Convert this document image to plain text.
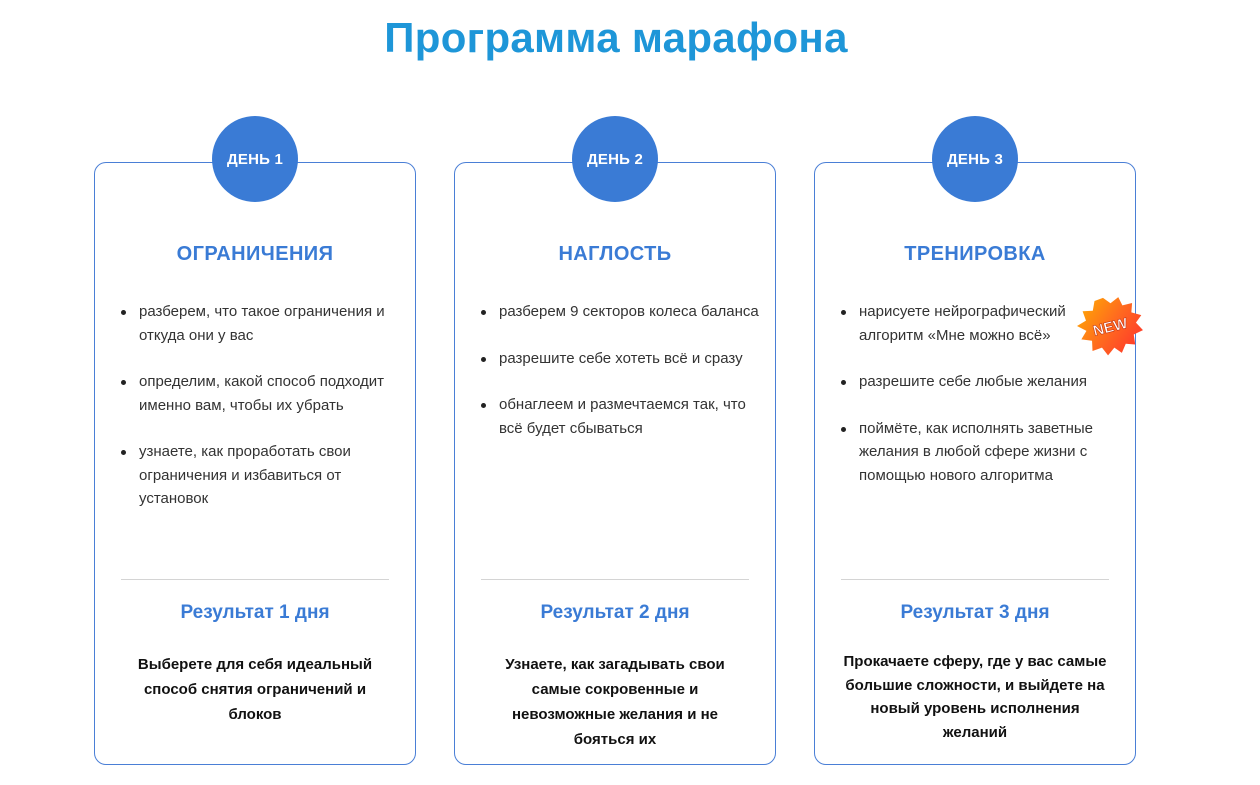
Программа марафона
ДЕНЬ 1
ОГРАНИЧЕНИЯ
разберем, что такое ограничения и откуда они у вас
определим, какой способ подходит именно вам, чтобы их убрать
узнаете, как проработать свои ограничения и избавиться от установок
Результат 1 дня

Выберете для себя идеальный способ снятия ограничений и блоков

ДЕНЬ 2
НАГЛОСТЬ
разберем 9 секторов колеса баланса
разрешите себе хотеть всё и сразу
обнаглеем и размечтаемся так, что всё будет сбываться
Результат 2 дня

Узнаете, как загадывать свои самые сокровенные и невозможные желания и не бояться их

ДЕНЬ 3
ТРЕНИРОВКА
нарисуете нейрографический алгоритм «Мне можно всё»
разрешите себе любые желания
поймёте, как исполнять заветные желания в любой сфере жизни с помощью нового алгоритма
Результат 3 дня

Прокачаете сферу, где у вас самые большие сложности, и выйдете на новый уровень исполнения желаний

NEW
